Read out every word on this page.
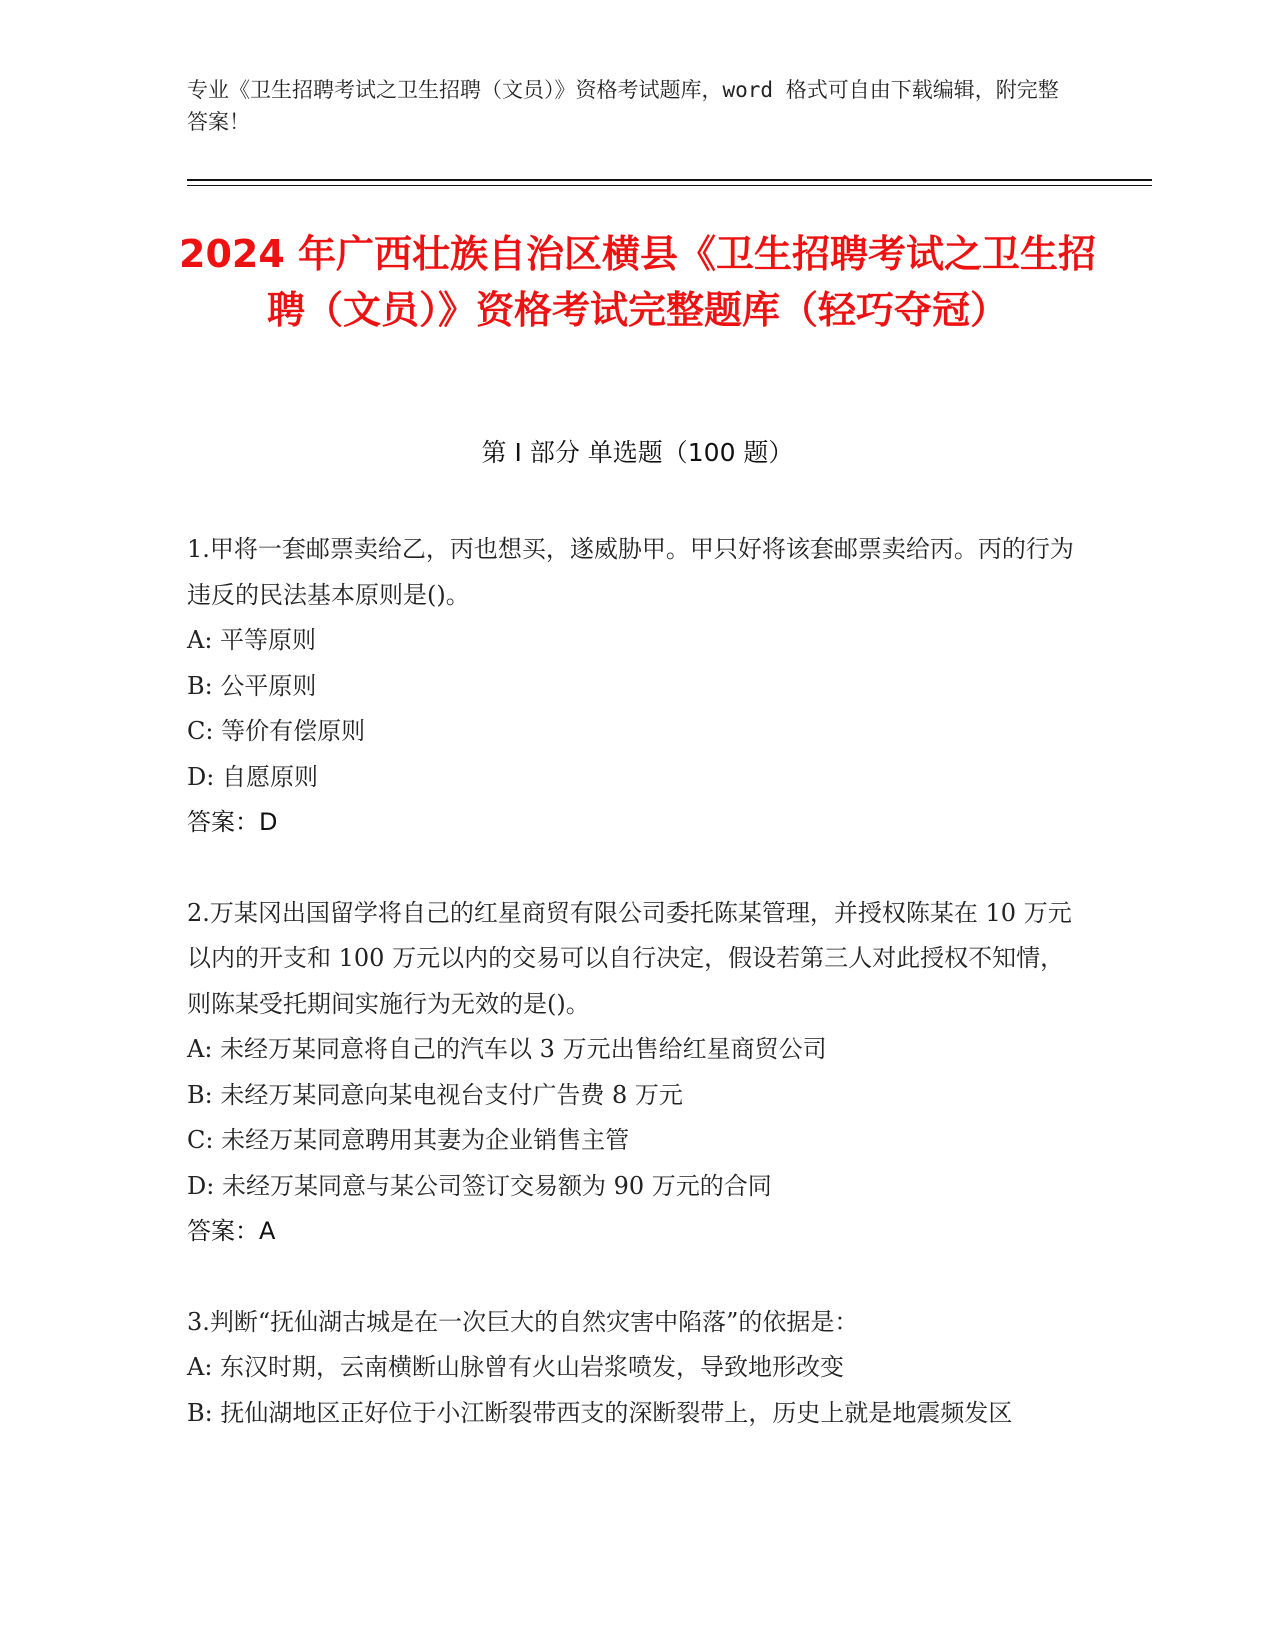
专业《卫生招聘考试之卫生招聘（文员）》资格考试题库，word 格式可自由下载编辑，附完整答案！
2024 年广西壮族自治区横县《卫生招聘考试之卫生招聘（文员）》资格考试完整题库（轻巧夺冠）
第 I 部分 单选题（100 题）

1.甲将一套邮票卖给乙，丙也想买，遂威胁甲。甲只好将该套邮票卖给丙。丙的行为违反的民法基本原则是()。

A: 平等原则

B: 公平原则

C: 等价有偿原则

D: 自愿原则

答案：D

2.万某冈出国留学将自己的红星商贸有限公司委托陈某管理，并授权陈某在 10 万元以内的开支和 100 万元以内的交易可以自行决定，假设若第三人对此授权不知情，则陈某受托期间实施行为无效的是()。

A: 未经万某同意将自己的汽车以 3 万元出售给红星商贸公司

B: 未经万某同意向某电视台支付广告费 8 万元

C: 未经万某同意聘用其妻为企业销售主管

D: 未经万某同意与某公司签订交易额为 90 万元的合同

答案：A

3.判断“抚仙湖古城是在一次巨大的自然灾害中陷落”的依据是：

A: 东汉时期，云南横断山脉曾有火山岩浆喷发，导致地形改变

B: 抚仙湖地区正好位于小江断裂带西支的深断裂带上，历史上就是地震频发区
